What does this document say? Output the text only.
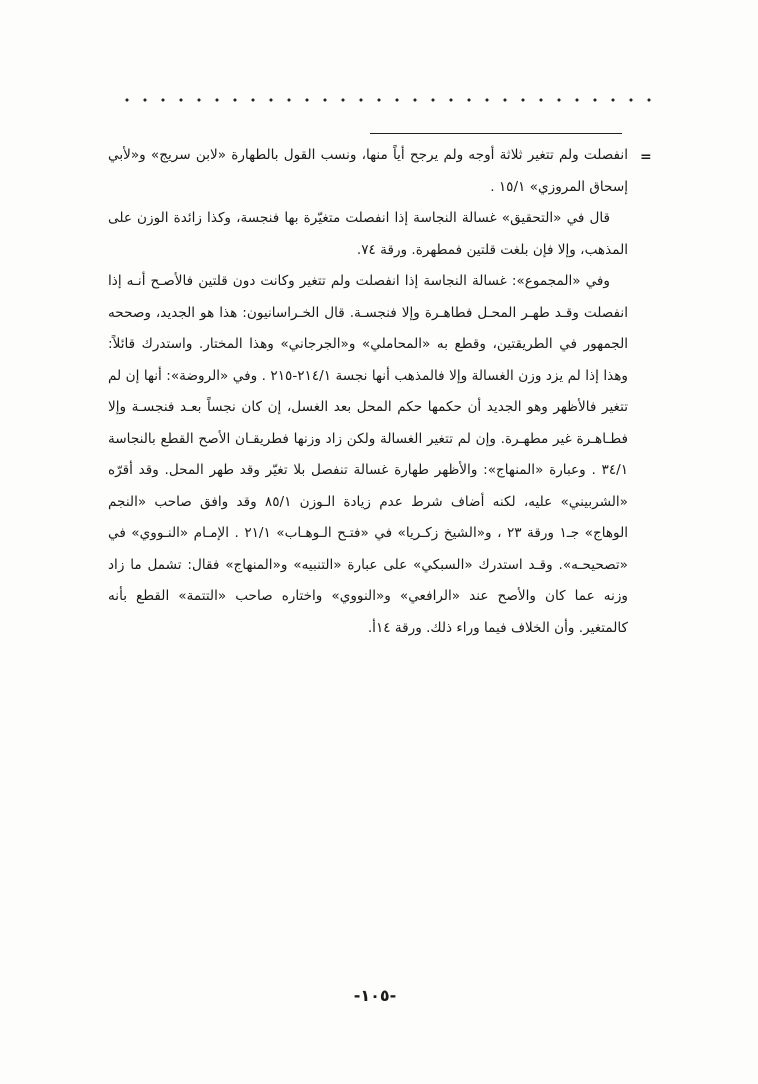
=

انفصلت ولم تتغير ثلاثة أوجه ولم يرجح أياً منها، ونسب القول بالطهارة «لابن سريج» و«لأبي إسحاق المروزي» ١٥/١ .

قال في «التحقيق» غسالة النجاسة إذا انفصلت متغيّرة بها فنجسة، وكذا زائدة الوزن على المذهب، وإلا فإن بلغت قلتين فمطهرة. ورقة ٧٤.

وفي «المجموع»: غسالة النجاسة إذا انفصلت ولم تتغير وكانت دون قلتين فالأصـح أنـه إذا انفصلت وقـد طهـر المحـل فطاهـرة وإلا فنجسـة. قال الخـراسانيون: هذا هو الجديد، وصححه الجمهور في الطريقتين، وقطع به «المحاملي» و«الجرجاني» وهذا المختار. واستدرك قائلاً: وهذا إذا لم يزد وزن الغسالة وإلا فالمذهب أنها نجسة ٢١٤/١-٢١٥ . وفي «الروضة»: أنها إن لم تتغير فالأظهر وهو الجديد أن حكمها حكم المحل بعد الغسل، إن كان نجساً بعـد فنجسـة وإلا فطـاهـرة غير مطهـرة. وإن لم تتغير الغسالة ولكن زاد وزنها فطريقـان الأصح القطع بالنجاسة ٣٤/١ . وعبارة «المنهاج»: والأظهر طهارة غسالة تنفصل بلا تغيّر وقد طهر المحل. وقد أقرّه «الشربيني» عليه، لكنه أضاف شرط عدم زيادة الـوزن ٨٥/١ وقد وافق صاحب «النجم الوهاج» جـ١ ورقة ٢٣ ، و«الشيخ زكـريا» في «فتـح الـوهـاب» ٢١/١ . الإمـام «النـووي» في «تصحيحـه». وقـد استدرك «السبكي» على عبارة «التنبيه» و«المنهاج» فقال: تشمل ما زاد وزنه عما كان والأصح عند «الرافعي» و«النووي» واختاره صاحب «التتمة» القطع بأنه كالمتغير. وأن الخلاف فيما وراء ذلك. ورقة ١٤أ.

-١٠٥-
